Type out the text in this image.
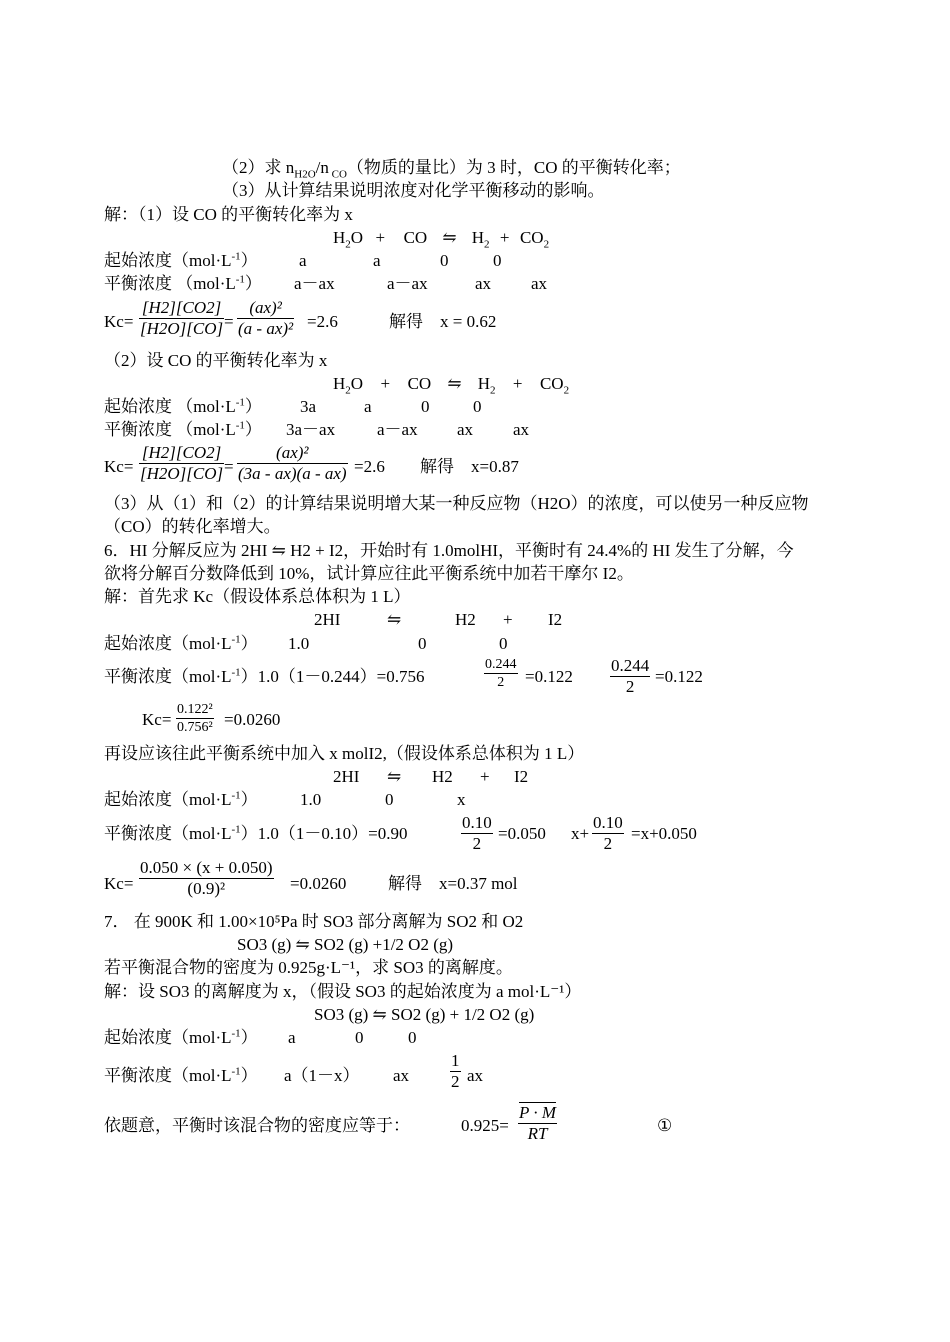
（2）求 $n_{H2O}/n$ $_{CO}$（物质的量比）为 3 时，CO 的平衡转化率；
（3）从计算结果说明浓度对化学平衡移动的影响。
解：（1）设 CO 的平衡转化率为 x
$H_2O$ + CO ⇋ $H_2 + CO_2$
起始浓度$(mol\cdot L^{-1})$ a	a	0	0
平衡浓度 $(mol\cdot L^{-1})$ a－ax	a－ax	ax ax
$Kc= \frac{[H2][CO2]}{[H2O][CO]} = \frac{\text{(ax)²}}{\text{(a - ax)²}} =2.6$	解得　x = 0.62
（2）设 CO 的平衡转化率为 x
$H_2O$ + CO ⇋ $H_2 + CO_2$
起始浓度 $(mol\cdot L^{-1})$ 3a	a	0	0
平衡浓度 $(mol\cdot L^{-1})$ 3a－ax a－ax ax ax
$Kc= \frac{[H2][CO2]}{[H2O][CO]} = \frac{\text{(ax)²}}{(3a - ax)(a - ax)} =2.6$ 解得　x=0.87
（3）从（1）和（2）的计算结果说明增大某一种反应物（H2O）的浓度，可以使另一种反应物
（CO）的转化率增大。
6．HI 分解反应为 2HI ⇋ H2 + I2，开始时有 1.0molHI，平衡时有 24.4%的 HI 发生了分解，今
欲将分解百分数降低到 10%，试计算应往此平衡系统中加若干摩尔 I2。
解：首先求 Kc（假设体系总体积为 1 L）
2HI	⇋	H2 + I2
起始浓度$(mol\cdot L^{-1})$ 1.0	0	0
平衡浓度$(mol\cdot L^{-1})1.0(1-0.244)=0.756$	$\frac{0.244}{2} =0.122 \frac{0.244}{2} =0.122$
$Kc= \frac{\text{0.122²}}{\text{0.756²}} =0.0260$
再设应该往此平衡系统中加入 x molI2,（假设体系总体积为 1 L）
2HI ⇋ H2 + I2
起始浓度$(mol\cdot L^{-1})$ 1.0	0	x
平衡浓度$(mol\cdot L^{-1})1.0(1-0.10)=0.90$	$\frac{0.10}{2} =0.050$ $x+ \frac{0.10}{2} =x+0.050$
$Kc= \frac{0.050 \times (x + 0.050)}{\text{(0.9)²}} =0.0260$ 解得　x=0.37 mol
7． 在 900K 和 1.00×10⁵Pa 时 SO3 部分离解为 SO2 和 O2
SO3 (g) ⇋ SO2 (g) +1/2 O2 (g)
若平衡混合物的密度为 0.925g·L⁻¹，求 SO3 的离解度。
解：设 SO3 的离解度为 x，（假设 SO3 的起始浓度为 a mol·L⁻¹）
SO3 (g) ⇋ SO2 (g) + 1/2 O2 (g)
起始浓度$(mol\cdot L^{-1})$ a	0	0
平衡浓度$(mol\cdot L^{-1})$ a（1－x） ax $\frac{1}{2}$ ax
依题意，平衡时该混合物的密度应等于：	$0.925= \frac{P \cdot M}{RT}$	①
